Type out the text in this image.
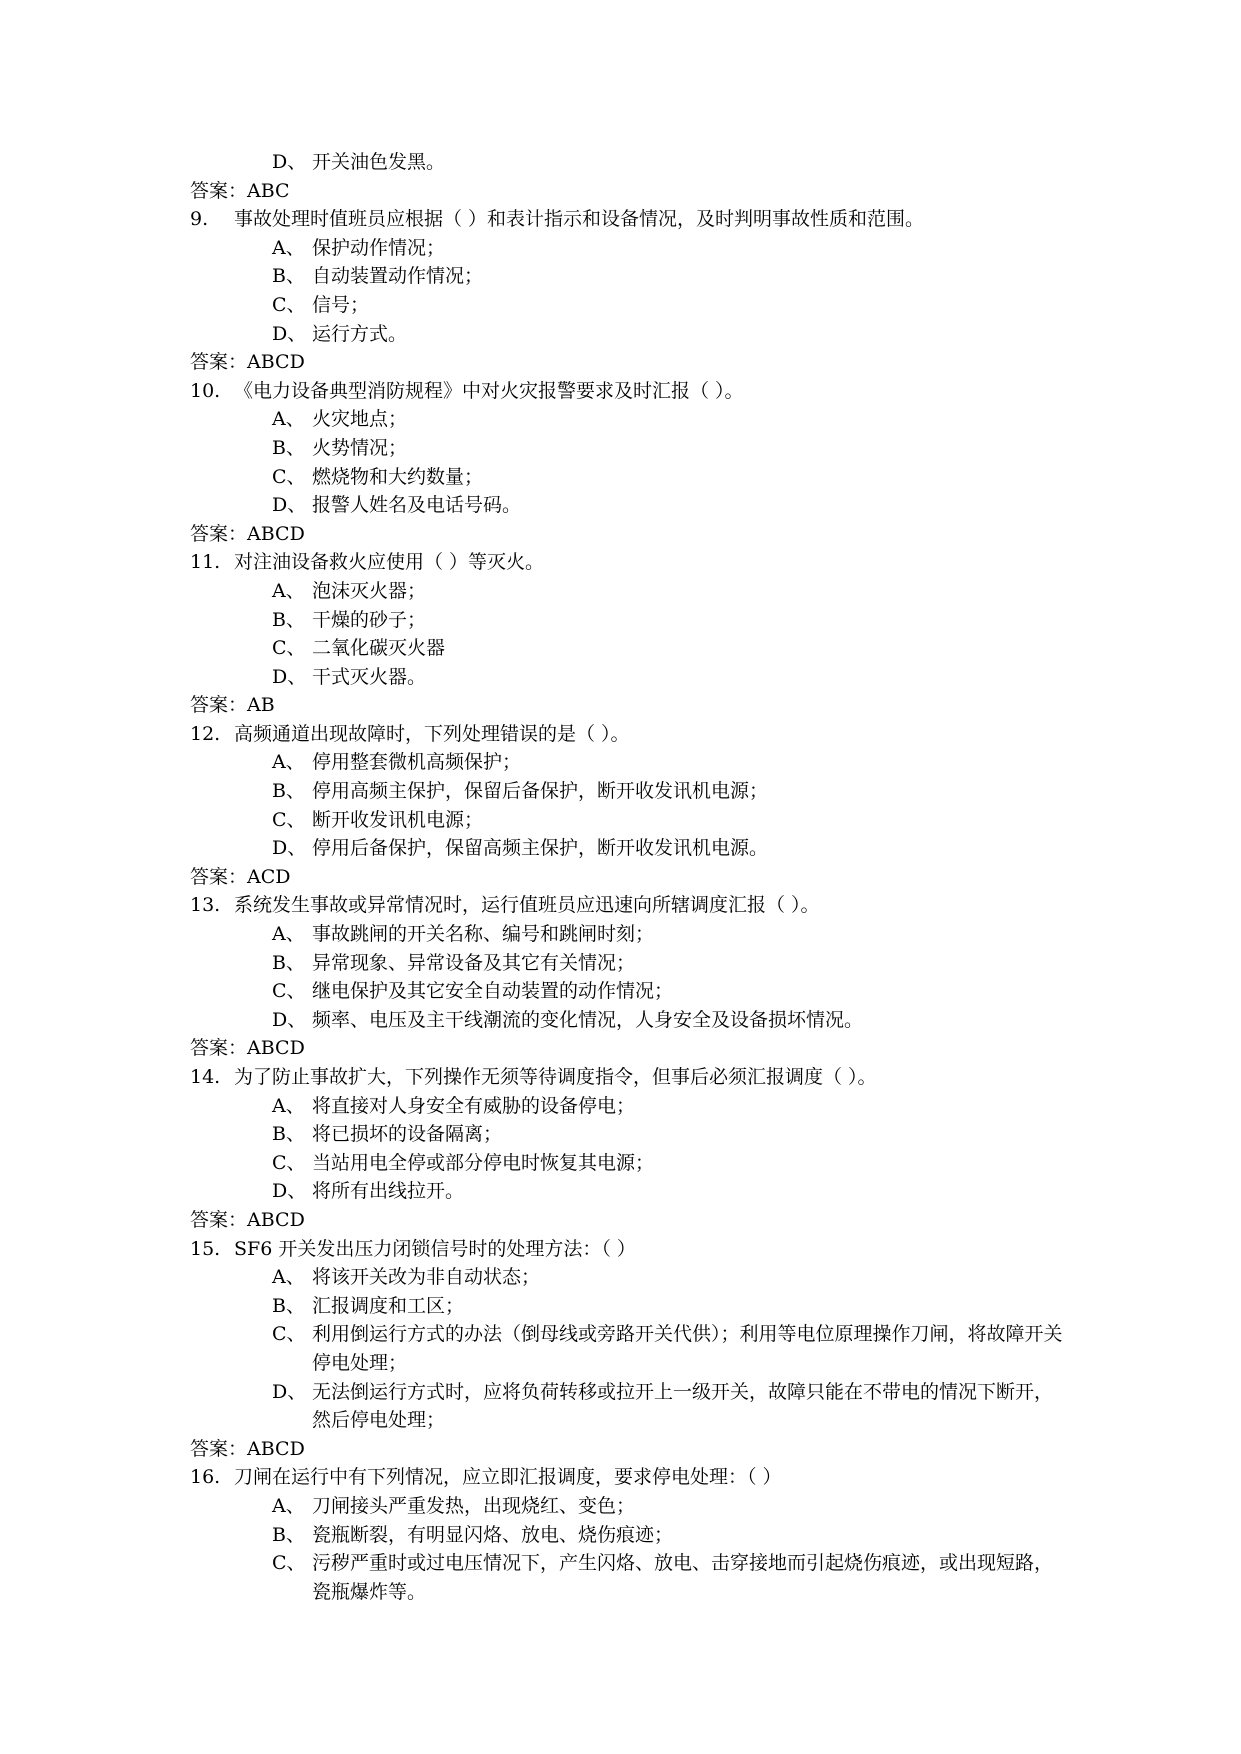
D、 开关油色发黑。
答案：ABC
9.	事故处理时值班员应根据（ ）和表计指示和设备情况，及时判明事故性质和范围。
A、 保护动作情况；
B、 自动装置动作情况；
C、 信号；
D、 运行方式。
答案：ABCD
10. 《电力设备典型消防规程》中对火灾报警要求及时汇报（ ）。
A、 火灾地点；
B、 火势情况；
C、 燃烧物和大约数量；
D、 报警人姓名及电话号码。
答案：ABCD
11. 对注油设备救火应使用（ ）等灭火。
A、 泡沫灭火器；
B、 干燥的砂子；
C、 二氧化碳灭火器
D、 干式灭火器。
答案：AB
12. 高频通道出现故障时，下列处理错误的是（ ）。
A、 停用整套微机高频保护；
B、 停用高频主保护，保留后备保护，断开收发讯机电源；
C、 断开收发讯机电源；
D、 停用后备保护，保留高频主保护，断开收发讯机电源。
答案：ACD
13. 系统发生事故或异常情况时，运行值班员应迅速向所辖调度汇报（ ）。
A、 事故跳闸的开关名称、编号和跳闸时刻；
B、 异常现象、异常设备及其它有关情况；
C、 继电保护及其它安全自动装置的动作情况；
D、 频率、电压及主干线潮流的变化情况，人身安全及设备损坏情况。
答案：ABCD
14. 为了防止事故扩大，下列操作无须等待调度指令，但事后必须汇报调度（ ）。
A、 将直接对人身安全有威胁的设备停电；
B、 将已损坏的设备隔离；
C、 当站用电全停或部分停电时恢复其电源；
D、 将所有出线拉开。
答案：ABCD
15. SF6 开关发出压力闭锁信号时的处理方法：（ ）
A、 将该开关改为非自动状态；
B、 汇报调度和工区；
C、 利用倒运行方式的办法（倒母线或旁路开关代供）；利用等电位原理操作刀闸，将故障开关停电处理；
D、 无法倒运行方式时，应将负荷转移或拉开上一级开关，故障只能在不带电的情况下断开，然后停电处理；
答案：ABCD
16. 刀闸在运行中有下列情况，应立即汇报调度，要求停电处理：（ ）
A、 刀闸接头严重发热，出现烧红、变色；
B、 瓷瓶断裂，有明显闪烙、放电、烧伤痕迹；
C、 污秽严重时或过电压情况下，产生闪烙、放电、击穿接地而引起烧伤痕迹，或出现短路，瓷瓶爆炸等。
